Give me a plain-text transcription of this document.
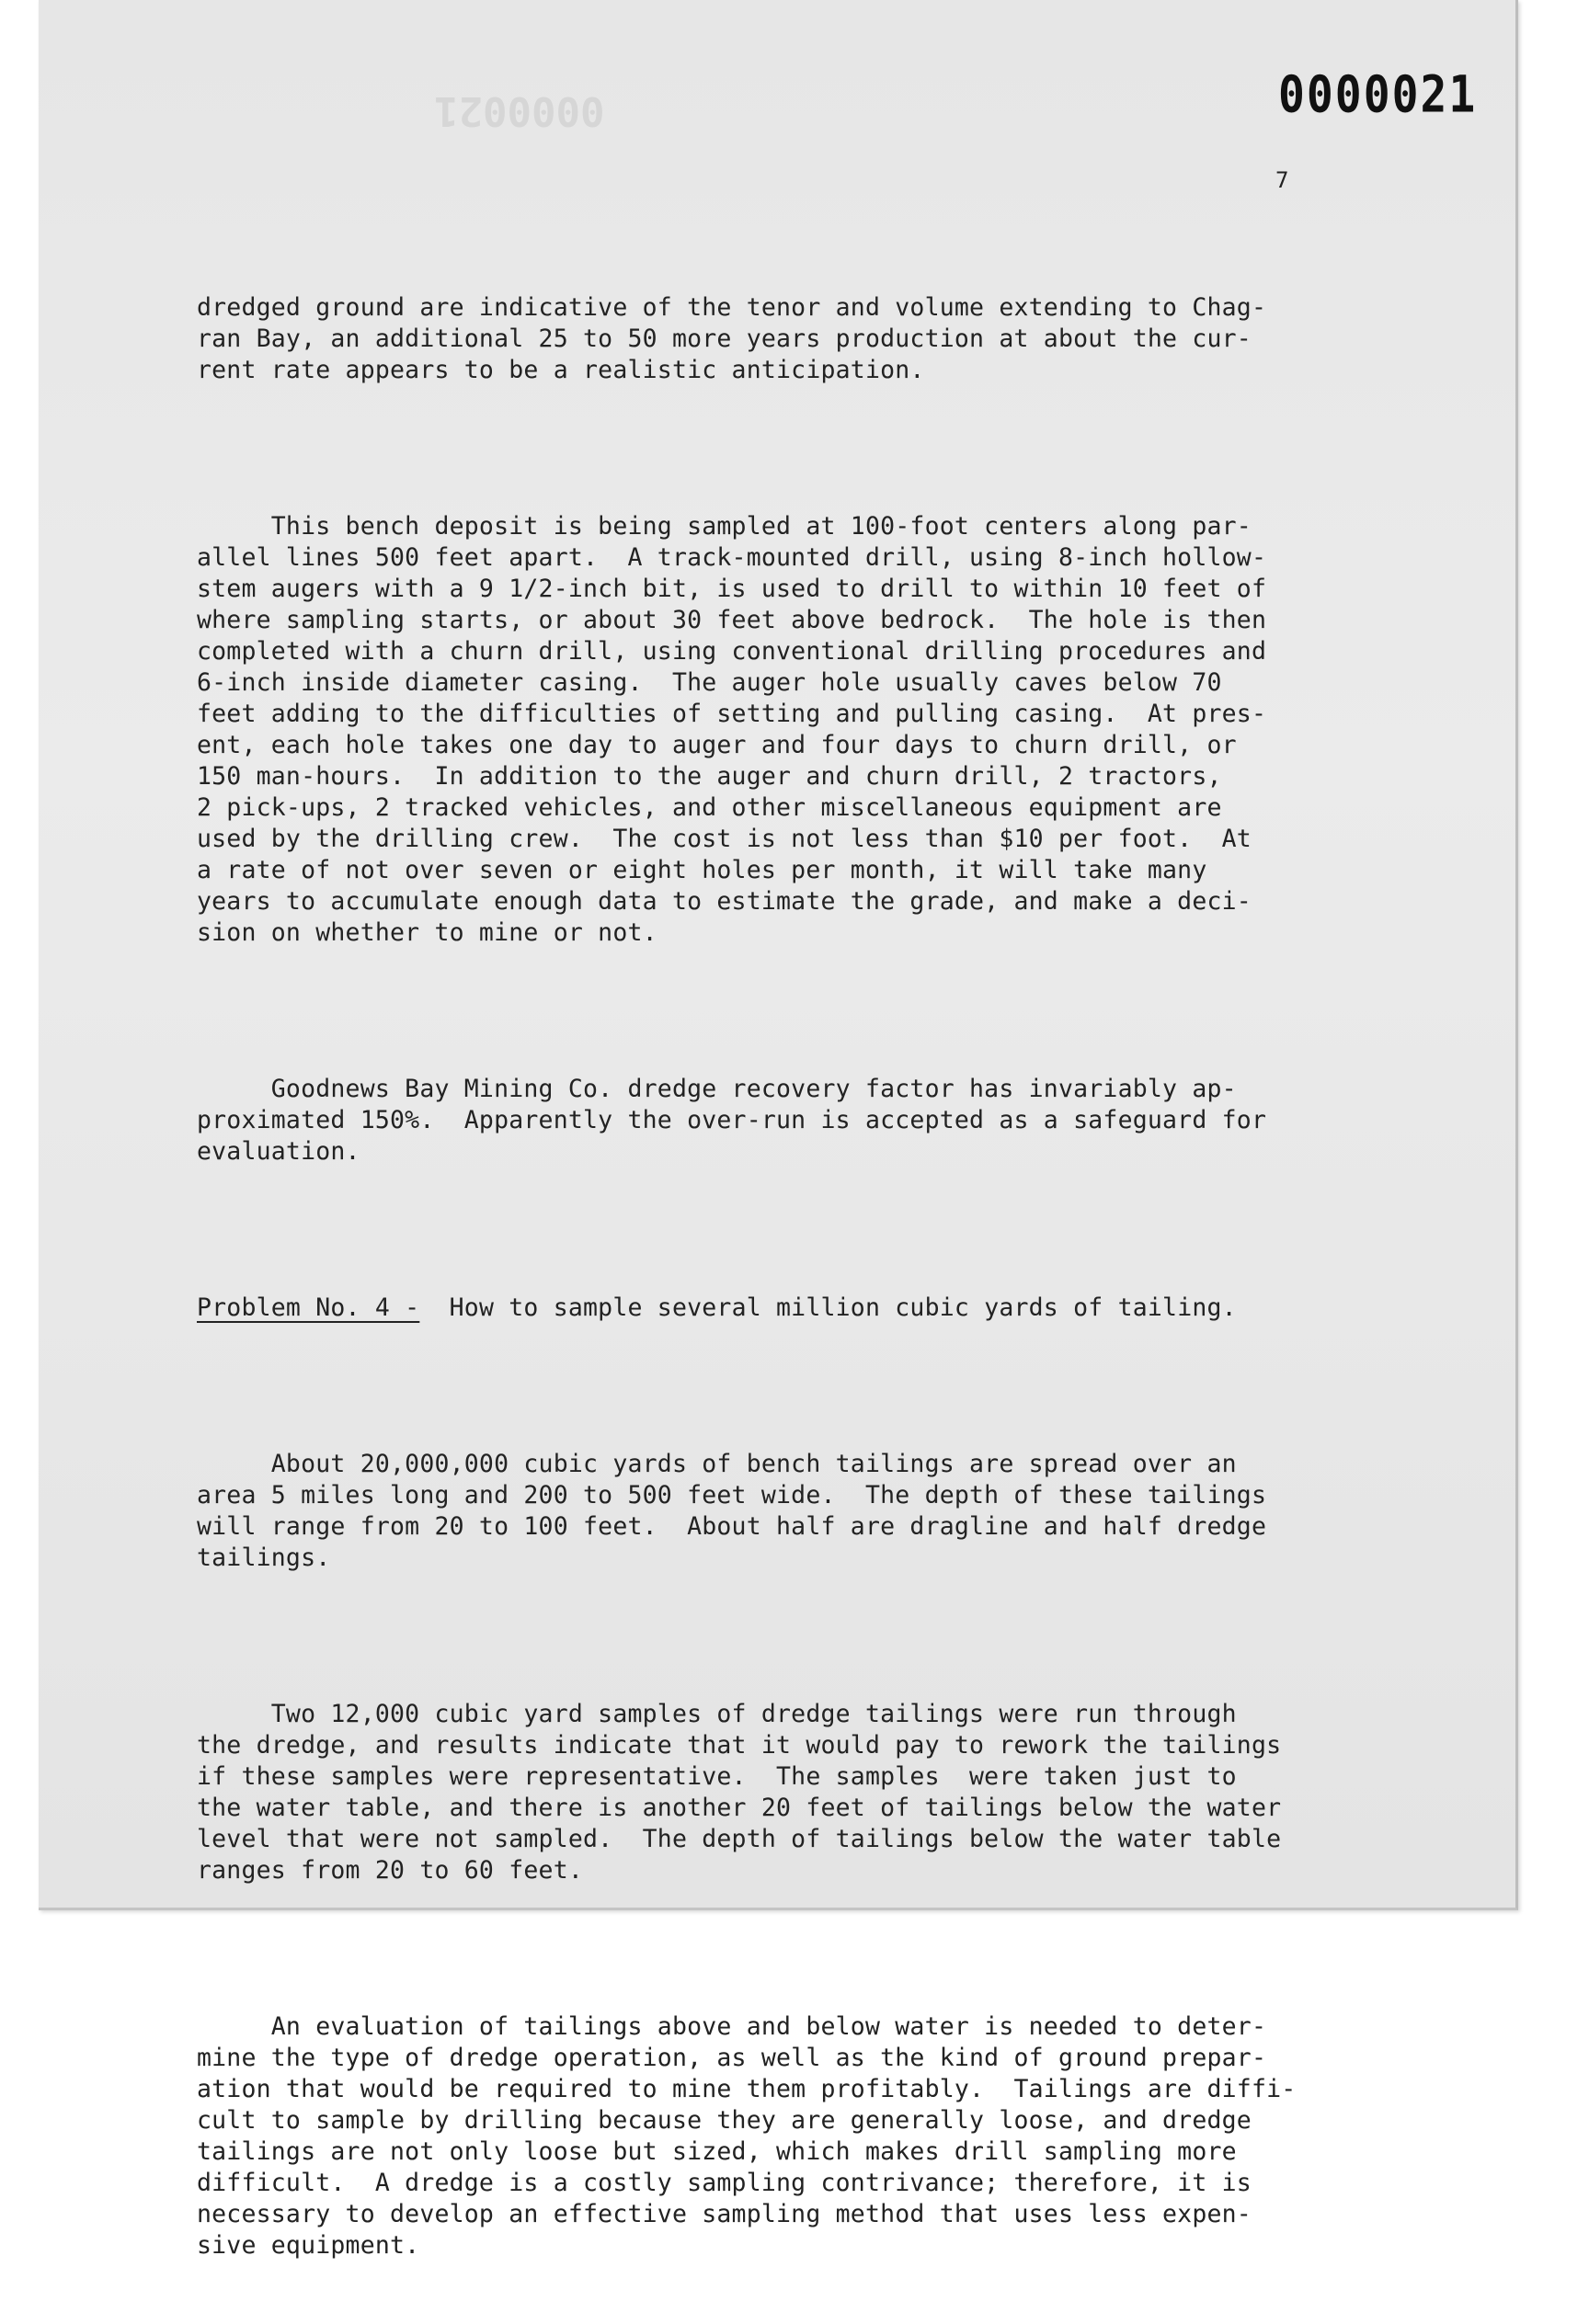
0000021	0000021
7

dredged ground are indicative of the tenor and volume extending to Chag-
ran Bay, an additional 25 to 50 more years production at about the cur-
rent rate appears to be a realistic anticipation.

This bench deposit is being sampled at 100-foot centers along par-
allel lines 500 feet apart.  A track-mounted drill, using 8-inch hollow-
stem augers with a 9 1/2-inch bit, is used to drill to within 10 feet of
where sampling starts, or about 30 feet above bedrock.  The hole is then
completed with a churn drill, using conventional drilling procedures and
6-inch inside diameter casing.  The auger hole usually caves below 70
feet adding to the difficulties of setting and pulling casing.  At pres-
ent, each hole takes one day to auger and four days to churn drill, or
150 man-hours.  In addition to the auger and churn drill, 2 tractors,
2 pick-ups, 2 tracked vehicles, and other miscellaneous equipment are
used by the drilling crew.  The cost is not less than $10 per foot.  At
a rate of not over seven or eight holes per month, it will take many
years to accumulate enough data to estimate the grade, and make a deci-
sion on whether to mine or not.

Goodnews Bay Mining Co. dredge recovery factor has invariably ap-
proximated 150%.  Apparently the over-run is accepted as a safeguard for
evaluation.

Problem No. 4 -  How to sample several million cubic yards of tailing.

About 20,000,000 cubic yards of bench tailings are spread over an
area 5 miles long and 200 to 500 feet wide.  The depth of these tailings
will range from 20 to 100 feet.  About half are dragline and half dredge
tailings.

Two 12,000 cubic yard samples of dredge tailings were run through
the dredge, and results indicate that it would pay to rework the tailings
if these samples were representative.  The samples  were taken just to
the water table, and there is another 20 feet of tailings below the water
level that were not sampled.  The depth of tailings below the water table
ranges from 20 to 60 feet.

An evaluation of tailings above and below water is needed to deter-
mine the type of dredge operation, as well as the kind of ground prepar-
ation that would be required to mine them profitably.  Tailings are diffi-
cult to sample by drilling because they are generally loose, and dredge
tailings are not only loose but sized, which makes drill sampling more
difficult.  A dredge is a costly sampling contrivance; therefore, it is
necessary to develop an effective sampling method that uses less expen-
sive equipment.
